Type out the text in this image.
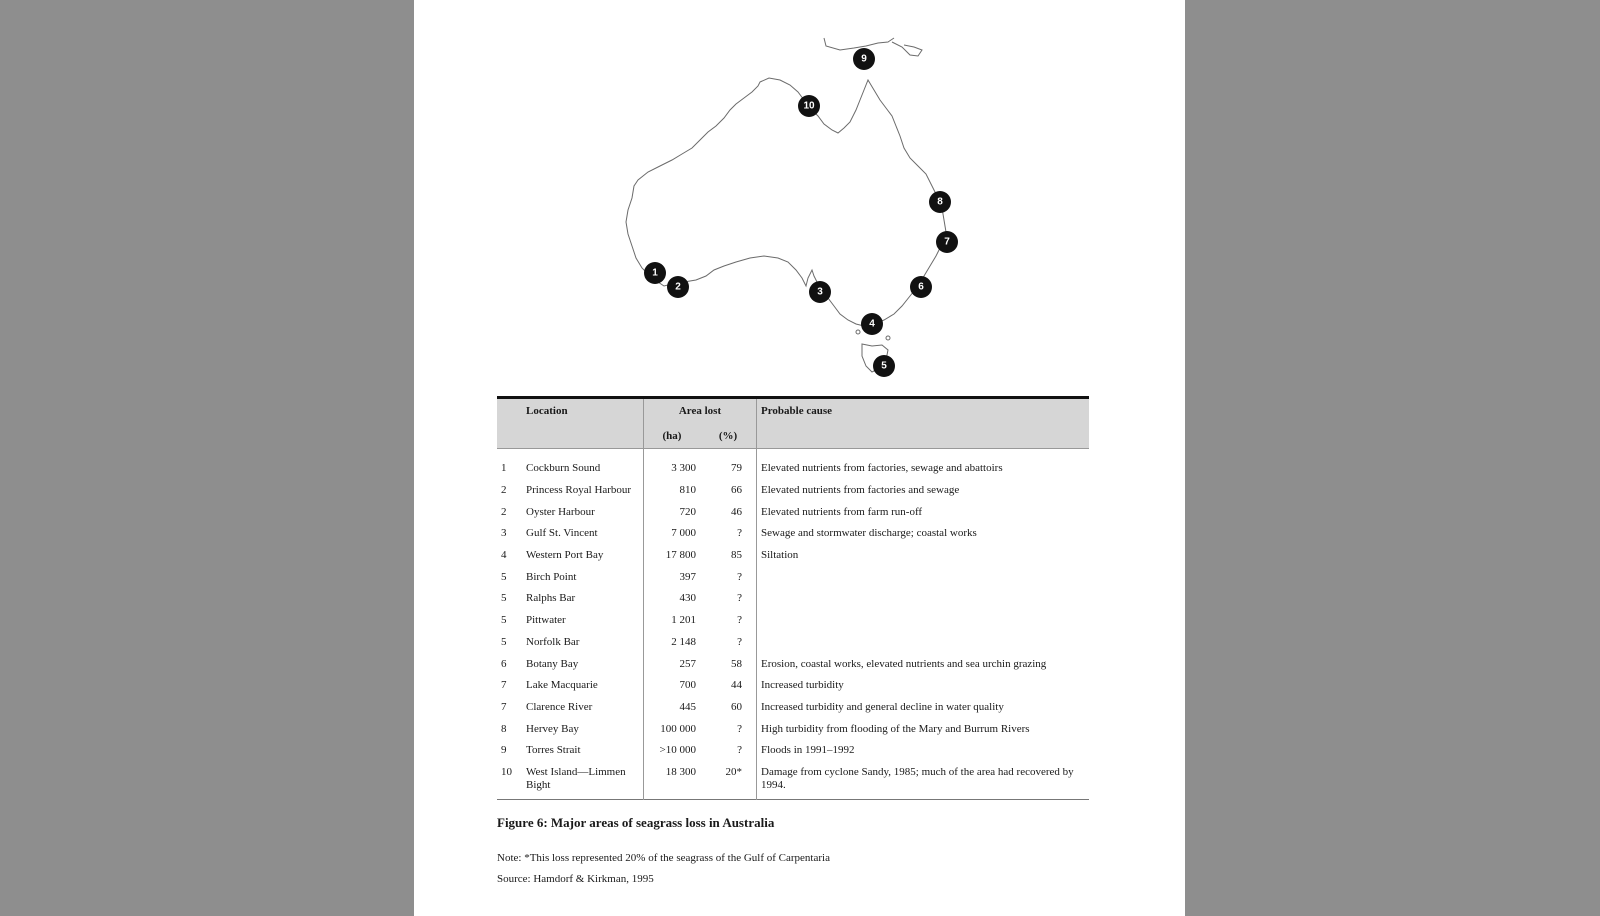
9
10
8
7
6
1
2	3
4
5
	Location	Area lost		Probable cause
		(ha)	(%)	

1	Cockburn Sound	3 300	79	Elevated nutrients from factories, sewage and abattoirs
2	Princess Royal Harbour	810	66	Elevated nutrients from factories and sewage
2	Oyster Harbour	720	46	Elevated nutrients from farm run-off
3	Gulf St. Vincent	7 000	?	Sewage and stormwater discharge; coastal works
4	Western Port Bay	17 800	85	Siltation
5	Birch Point	397	?	
5	Ralphs Bar	430	?	
5	Pittwater	1 201	?	
5	Norfolk Bar	2 148	?	
6	Botany Bay	257	58	Erosion, coastal works, elevated nutrients and sea urchin grazing
7	Lake Macquarie	700	44	Increased turbidity
7	Clarence River	445	60	Increased turbidity and general decline in water quality
8	Hervey Bay	100 000	?	High turbidity from flooding of the Mary and Burrum Rivers
9	Torres Strait	>10 000	?	Floods in 1991–1992
10	West Island—Limmen Bight	18 300	20*	Damage from cyclone Sandy, 1985; much of the area had recovered by 1994.
Figure 6: Major areas of seagrass loss in Australia
Note: *This loss represented 20% of the seagrass of the Gulf of Carpentaria
Source: Hamdorf & Kirkman, 1995
